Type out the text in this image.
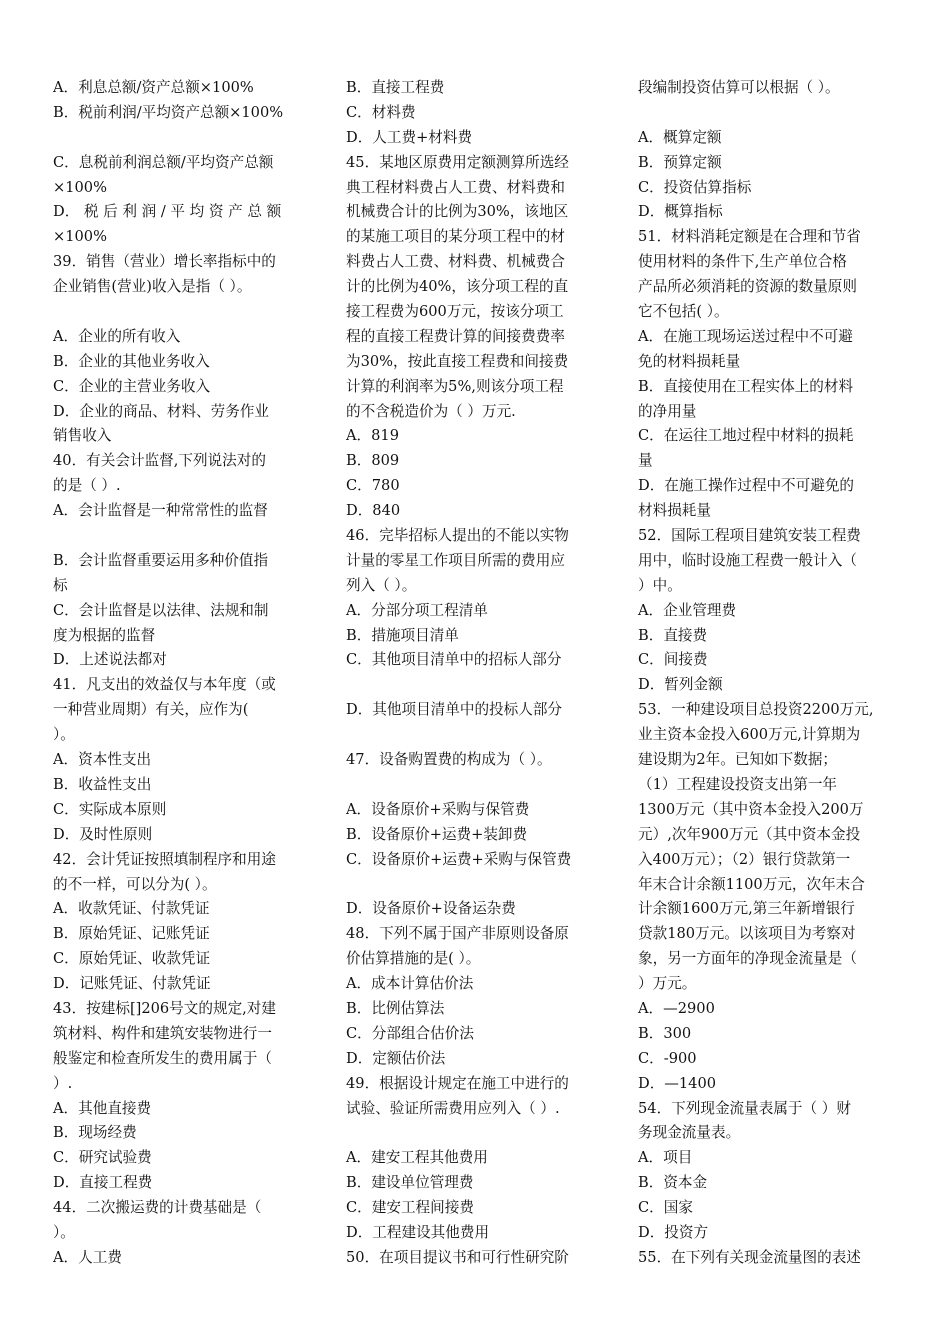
A．利息总额/资产总额×100%
B．税前利润/平均资产总额×100%
C．息税前利润总额/平均资产总额
×100%
D． 税 后 利 润 / 平 均 资 产 总 额
×100%
39．销售（营业）增长率指标中的
企业销售(营业)收入是指（ ）。
A．企业的所有收入
B．企业的其他业务收入
C．企业的主营业务收入
D．企业的商品、材料、劳务作业
销售收入
40．有关会计监督,下列说法对的
的是（ ）.
A．会计监督是一种常常性的监督
B．会计监督重要运用多种价值指
标
C．会计监督是以法律、法规和制
度为根据的监督
D．上述说法都对
41．凡支出的效益仅与本年度（或
一种营业周期）有关，应作为(
）。
A．资本性支出
B．收益性支出
C．实际成本原则
D．及时性原则
42．会计凭证按照填制程序和用途
的不一样，可以分为( ）。
A．收款凭证、付款凭证
B．原始凭证、记账凭证
C．原始凭证、收款凭证
D．记账凭证、付款凭证
43．按建标[]206号文的规定,对建
筑材料、构件和建筑安装物进行一
般鉴定和检查所发生的费用属于（
）.
A．其他直接费
B．现场经费
C．研究试验费
D．直接工程费
44．二次搬运费的计费基础是（
）。
A．人工费
B．直接工程费
C．材料费
D．人工费+材料费
45．某地区原费用定额测算所选经
典工程材料费占人工费、材料费和
机械费合计的比例为30%，该地区
的某施工项目的某分项工程中的材
料费占人工费、材料费、机械费合
计的比例为40%，该分项工程的直
接工程费为600万元，按该分项工
程的直接工程费计算的间接费费率
为30%，按此直接工程费和间接费
计算的利润率为5%,则该分项工程
的不含税造价为（ ）万元.
A．819
B．809
C．780
D．840
46．完毕招标人提出的不能以实物
计量的零星工作项目所需的费用应
列入（ ）。
A．分部分项工程清单
B．措施项目清单
C．其他项目清单中的招标人部分
D．其他项目清单中的投标人部分
47．设备购置费的构成为（ ）。
A．设备原价+采购与保管费
B．设备原价+运费+装卸费
C．设备原价+运费+采购与保管费
D．设备原价+设备运杂费
48．下列不属于国产非原则设备原
价估算措施的是( ）。
A．成本计算估价法
B．比例估算法
C．分部组合估价法
D．定额估价法
49．根据设计规定在施工中进行的
试验、验证所需费用应列入（ ）.
A．建安工程其他费用
B．建设单位管理费
C．建安工程间接费
D．工程建设其他费用
50．在项目提议书和可行性研究阶
段编制投资估算可以根据（ ）。
A．概算定额
B．预算定额
C．投资估算指标
D．概算指标
51．材料消耗定额是在合理和节省
使用材料的条件下,生产单位合格
产品所必须消耗的资源的数量原则
它不包括( ）。
A．在施工现场运送过程中不可避
免的材料损耗量
B．直接使用在工程实体上的材料
的净用量
C．在运往工地过程中材料的损耗
量
D．在施工操作过程中不可避免的
材料损耗量
52．国际工程项目建筑安装工程费
用中，临时设施工程费一般计入（
）中。
A．企业管理费
B．直接费
C．间接费
D．暂列金额
53．一种建设项目总投资2200万元,
业主资本金投入600万元,计算期为
建设期为2年。已知如下数据；
（1）工程建设投资支出第一年
1300万元（其中资本金投入200万
元）,次年900万元（其中资本金投
入400万元）；（2）银行贷款第一
年末合计余额1100万元，次年末合
计余额1600万元,第三年新增银行
贷款180万元。以该项目为考察对
象，另一方面年的净现金流量是（
）万元。
A．—2900
B．300
C．-900
D．—1400
54．下列现金流量表属于（ ）财
务现金流量表。
A．项目
B．资本金
C．国家
D．投资方
55．在下列有关现金流量图的表述
